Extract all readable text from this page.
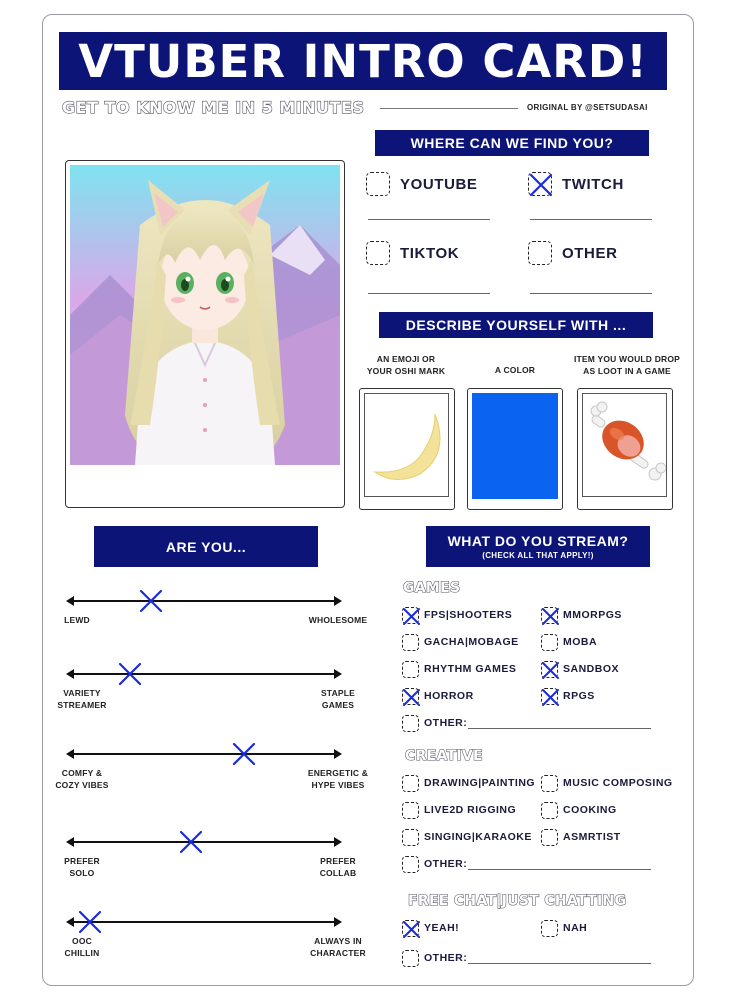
VTUBER INTRO CARD!
GET TO KNOW ME IN 5 MINUTES	ORIGINAL BY @SETSUDASAI
WHERE CAN WE FIND YOU?
YOUTUBE	TWITCH
TIKTOK	OTHER
DESCRIBE YOURSELF WITH ...
AN EMOJI OR
YOUR OSHI MARK	A COLOR
ITEM YOU WOULD DROP
AS LOOT IN A GAME
ARE YOU...
LEWD	WHOLESOME
VARIETY
STREAMER
STAPLE
GAMES
COMFY &
COZY VIBES
ENERGETIC &
HYPE VIBES
PREFER
SOLO
PREFER
COLLAB
OOC
CHILLIN
ALWAYS IN
CHARACTER
WHAT DO YOU STREAM?
(CHECK ALL THAT APPLY!)
GAMES
FPS|SHOOTERS	MMORPGS
GACHA|MOBAGE	MOBA
RHYTHM GAMES	SANDBOX
HORROR	RPGS
OTHER:
CREATIVE
DRAWING|PAINTING	MUSIC COMPOSING
LIVE2D RIGGING	COOKING
SINGING|KARAOKE	ASMRTIST
OTHER:
FREE CHAT|JUST CHATTING
YEAH!	NAH
OTHER:
